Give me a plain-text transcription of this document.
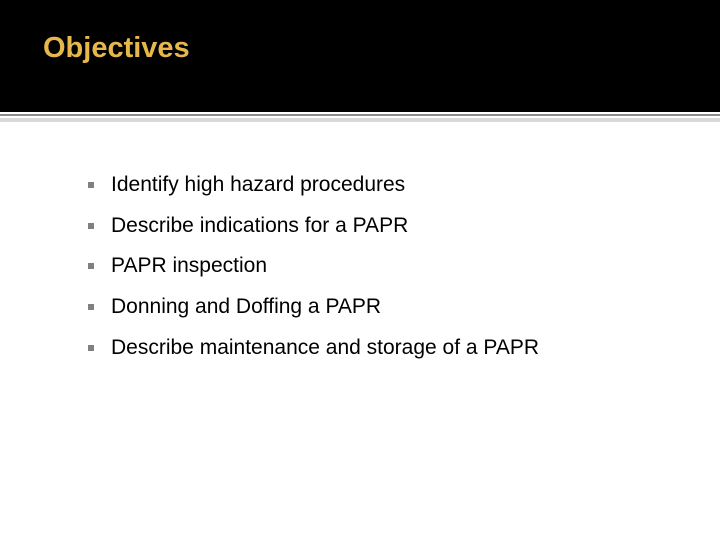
Objectives
Identify high hazard procedures
Describe indications for a PAPR
PAPR inspection
Donning and Doffing a PAPR
Describe maintenance and storage of a PAPR
